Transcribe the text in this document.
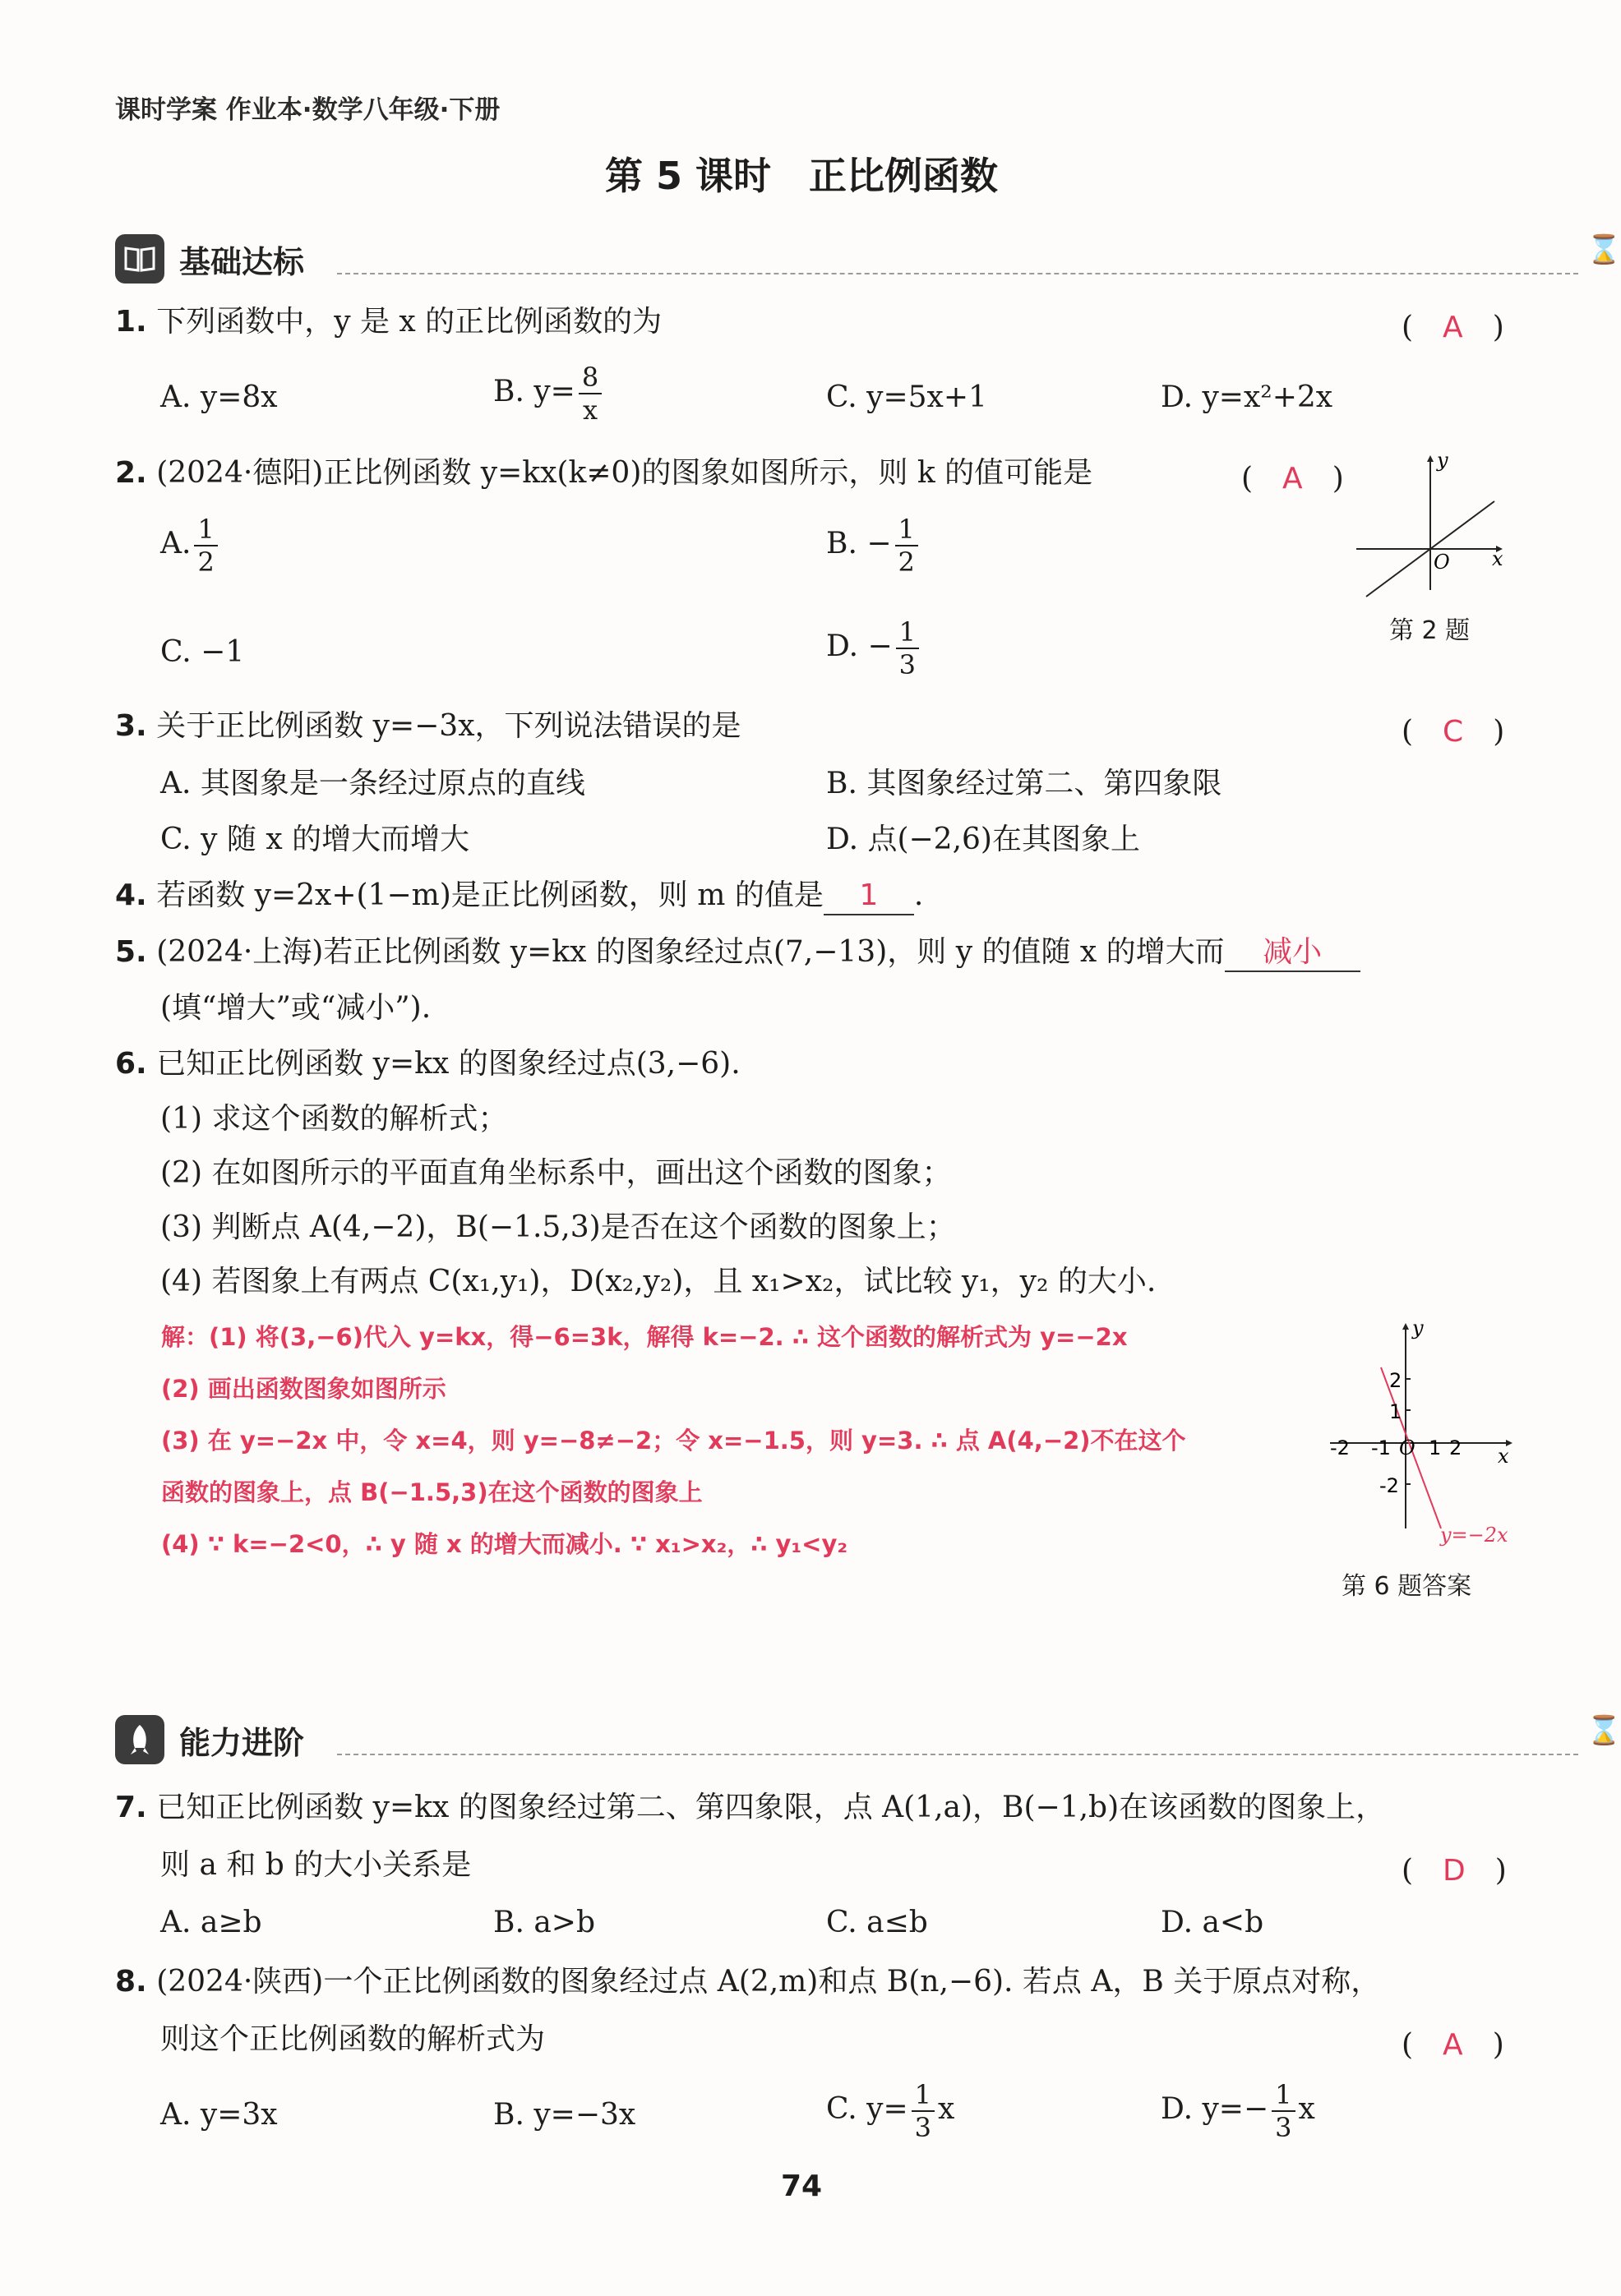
课时学案 作业本·数学八年级·下册
第 5 课时　正比例函数
基础达标	⌛
1. 下列函数中，y 是 x 的正比例函数的为	(　A　)
A. y=8x	B. $y= \frac{8}{x}$	C. y=5x+1	D. y=x²+2x
2. (2024·德阳)正比例函数 y=kx(k≠0)的图象如图所示，则 k 的值可能是	(　A　)
A. $\frac{1}{2}$	B. − $\frac{1}{2}$
C. −1	D. − $\frac{1}{3}$
y
x
O
第 2 题
3. 关于正比例函数 y=−3x，下列说法错误的是	(　C　)
A. 其图象是一条经过原点的直线	B. 其图象经过第二、第四象限
C. y 随 x 的增大而增大	D. 点(−2,6)在其图象上
4. 若函数 y=2x+(1−m)是正比例函数，则 m 的值是 1 .
5. (2024·上海)若正比例函数 y=kx 的图象经过点(7,−13)，则 y 的值随 x 的增大而 减小
(填“增大”或“减小”).
6. 已知正比例函数 y=kx 的图象经过点(3,−6).
(1) 求这个函数的解析式；
(2) 在如图所示的平面直角坐标系中，画出这个函数的图象；
(3) 判断点 A(4,−2)，B(−1.5,3)是否在这个函数的图象上；
(4) 若图象上有两点 C(x₁,y₁)，D(x₂,y₂)，且 x₁>x₂，试比较 y₁，y₂ 的大小.
解：(1) 将(3,−6)代入 y=kx，得−6=3k，解得 k=−2. ∴ 这个函数的解析式为 y=−2x
(2) 画出函数图象如图所示
(3) 在 y=−2x 中，令 x=4，则 y=−8≠−2；令 x=−1.5，则 y=3. ∴ 点 A(4,−2)不在这个
函数的图象上，点 B(−1.5,3)在这个函数的图象上
(4) ∵ k=−2<0，∴ y 随 x 的增大而减小. ∵ x₁>x₂，∴ y₁<y₂
y
x
2
1
-2
-2 -1 O 1 2
y=−2x
第 6 题答案
能力进阶	⌛
7. 已知正比例函数 y=kx 的图象经过第二、第四象限，点 A(1,a)，B(−1,b)在该函数的图象上，
则 a 和 b 的大小关系是	(　D　)
A. a≥b	B. a>b	C. a≤b	D. a<b
8. (2024·陕西)一个正比例函数的图象经过点 A(2,m)和点 B(n,−6). 若点 A，B 关于原点对称，
则这个正比例函数的解析式为	(　A　)
A. y=3x	B. y=−3x	C. $y= \frac{1}{3}$ x	D. $y=- \frac{1}{3}$ x
74
